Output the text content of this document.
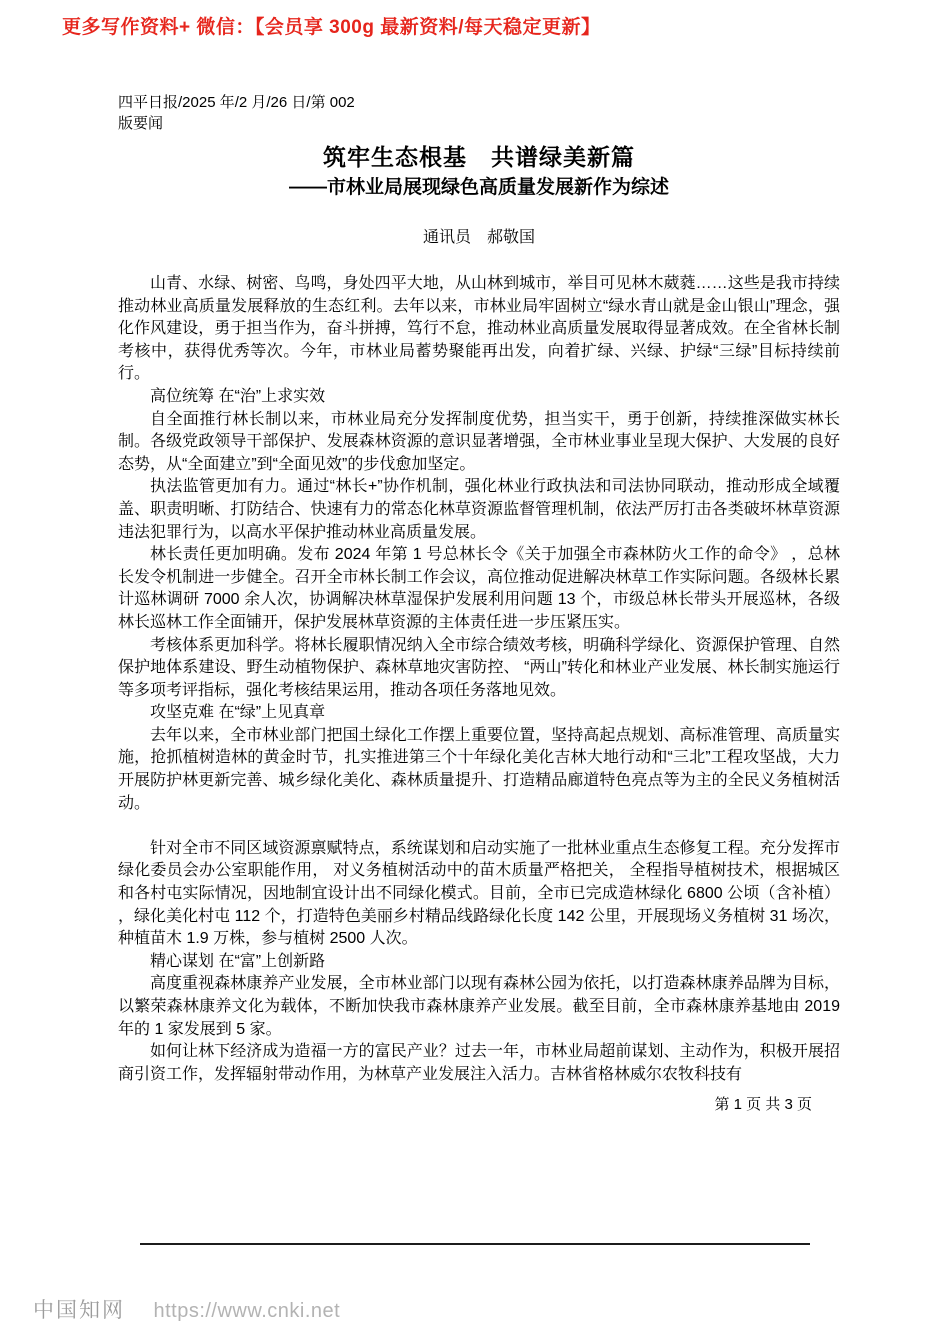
更多写作资料+ 微信：【会员享 300g 最新资料/每天稳定更新】
四平日报/2025 年/2 月/26 日/第 002
版要闻
筑牢生态根基　共谱绿美新篇
——市林业局展现绿色高质量发展新作为综述
通讯员　郝敬国

山青、水绿、树密、鸟鸣，身处四平大地，从山林到城市，举目可见林木葳蕤……这些是我市持续推动林业高质量发展释放的生态红利。去年以来，市林业局牢固树立“绿水青山就是金山银山”理念，强化作风建设，勇于担当作为，奋斗拼搏，笃行不怠，推动林业高质量发展取得显著成效。在全省林长制考核中，获得优秀等次。今年，市林业局蓄势聚能再出发，向着扩绿、兴绿、护绿“三绿”目标持续前行。

高位统筹 在“治”上求实效

自全面推行林长制以来，市林业局充分发挥制度优势，担当实干，勇于创新，持续推深做实林长制。各级党政领导干部保护、发展森林资源的意识显著增强，全市林业事业呈现大保护、大发展的良好态势，从“全面建立”到“全面见效”的步伐愈加坚定。

执法监管更加有力。通过“林长+”协作机制，强化林业行政执法和司法协同联动，推动形成全域覆盖、职责明晰、打防结合、快速有力的常态化林草资源监督管理机制，依法严厉打击各类破坏林草资源违法犯罪行为，以高水平保护推动林业高质量发展。

林长责任更加明确。发布 2024 年第 1 号总林长令《关于加强全市森林防火工作的命令》 ，总林长发令机制进一步健全。召开全市林长制工作会议，高位推动促进解决林草工作实际问题。各级林长累计巡林调研 7000 余人次，协调解决林草湿保护发展利用问题 13 个，市级总林长带头开展巡林，各级林长巡林工作全面铺开，保护发展林草资源的主体责任进一步压紧压实。

考核体系更加科学。将林长履职情况纳入全市综合绩效考核，明确科学绿化、资源保护管理、自然保护地体系建设、野生动植物保护、森林草地灾害防控、 “两山”转化和林业产业发展、林长制实施运行等多项考评指标，强化考核结果运用，推动各项任务落地见效。

攻坚克难 在“绿”上见真章

去年以来，全市林业部门把国土绿化工作摆上重要位置，坚持高起点规划、高标准管理、高质量实施，抢抓植树造林的黄金时节，扎实推进第三个十年绿化美化吉林大地行动和“三北”工程攻坚战，大力开展防护林更新完善、城乡绿化美化、森林质量提升、打造精品廊道特色亮点等为主的全民义务植树活动。

针对全市不同区域资源禀赋特点，系统谋划和启动实施了一批林业重点生态修复工程。充分发挥市绿化委员会办公室职能作用， 对义务植树活动中的苗木质量严格把关， 全程指导植树技术，根据城区和各村屯实际情况，因地制宜设计出不同绿化模式。目前，全市已完成造林绿化 6800 公顷（含补植） ，绿化美化村屯 112 个，打造特色美丽乡村精品线路绿化长度 142 公里，开展现场义务植树 31 场次，种植苗木 1.9 万株，参与植树 2500 人次。

精心谋划 在“富”上创新路

高度重视森林康养产业发展，全市林业部门以现有森林公园为依托，以打造森林康养品牌为目标，以繁荣森林康养文化为载体，不断加快我市森林康养产业发展。截至目前，全市森林康养基地由 2019 年的 1 家发展到 5 家。

如何让林下经济成为造福一方的富民产业？过去一年，市林业局超前谋划、主动作为，积极开展招商引资工作，发挥辐射带动作用，为林草产业发展注入活力。吉林省格林威尔农牧科技有

第 1 页 共 3 页
中国知网 https://www.cnki.net
